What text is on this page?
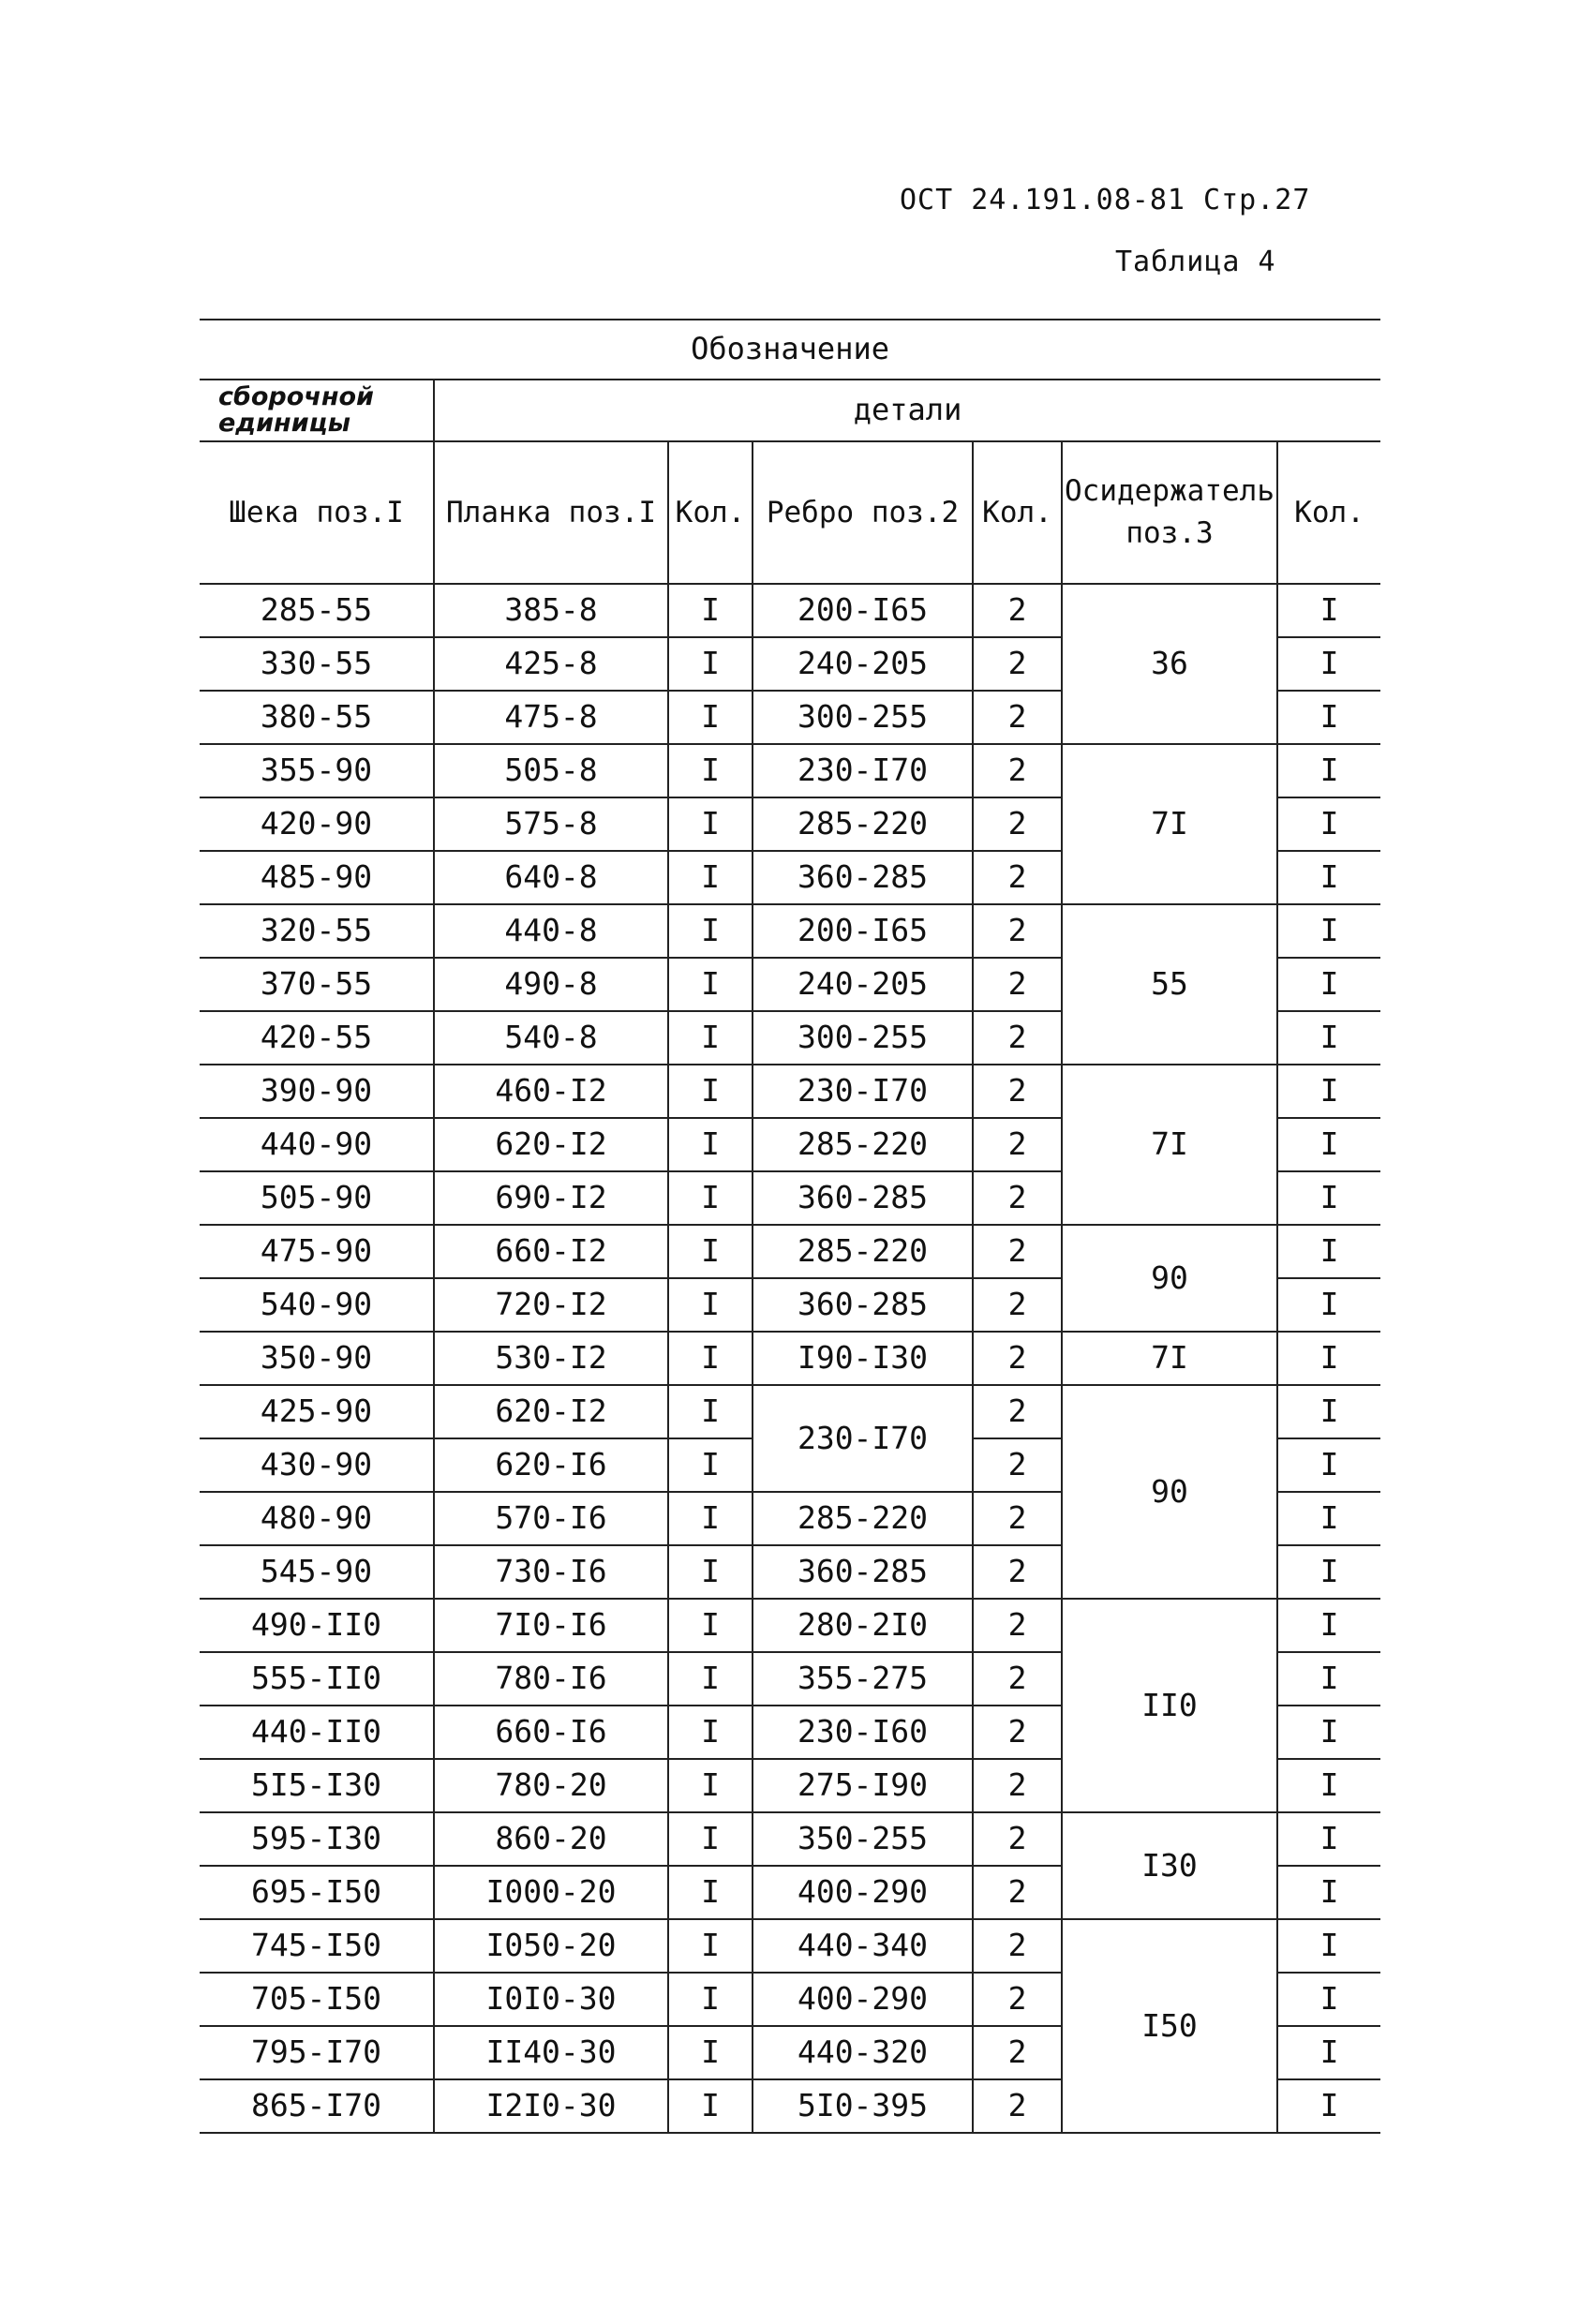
ОСТ 24.191.08-81 Стр.27
Таблица 4
Обозначение						
сборочной единицы	детали					
Шека поз.I	Планка поз.I	Кол.	Ребро поз.2	Кол.	Осидержатель поз.3	Кол.
285-55	385-8	I	200-I65	2	36	I
330-55	425-8	I	240-205	2		I
380-55	475-8	I	300-255	2		I
355-90	505-8	I	230-I70	2	7I	I
420-90	575-8	I	285-220	2		I
485-90	640-8	I	360-285	2		I
320-55	440-8	I	200-I65	2	55	I
370-55	490-8	I	240-205	2		I
420-55	540-8	I	300-255	2		I
390-90	460-I2	I	230-I70	2	7I	I
440-90	620-I2	I	285-220	2		I
505-90	690-I2	I	360-285	2		I
475-90	660-I2	I	285-220	2	90	I
540-90	720-I2	I	360-285	2		I
350-90	530-I2	I	I90-I30	2	7I	I
425-90	620-I2	I	230-I70	2	90	I
430-90	620-I6	I		2		I
480-90	570-I6	I	285-220	2		I
545-90	730-I6	I	360-285	2		I
490-II0	7I0-I6	I	280-2I0	2	II0	I
555-II0	780-I6	I	355-275	2		I
440-II0	660-I6	I	230-I60	2		I
5I5-I30	780-20	I	275-I90	2		I
595-I30	860-20	I	350-255	2	I30	I
695-I50	I000-20	I	400-290	2		I
745-I50	I050-20	I	440-340	2	I50	I
705-I50	I0I0-30	I	400-290	2		I
795-I70	II40-30	I	440-320	2		I
865-I70	I2I0-30	I	5I0-395	2		I
